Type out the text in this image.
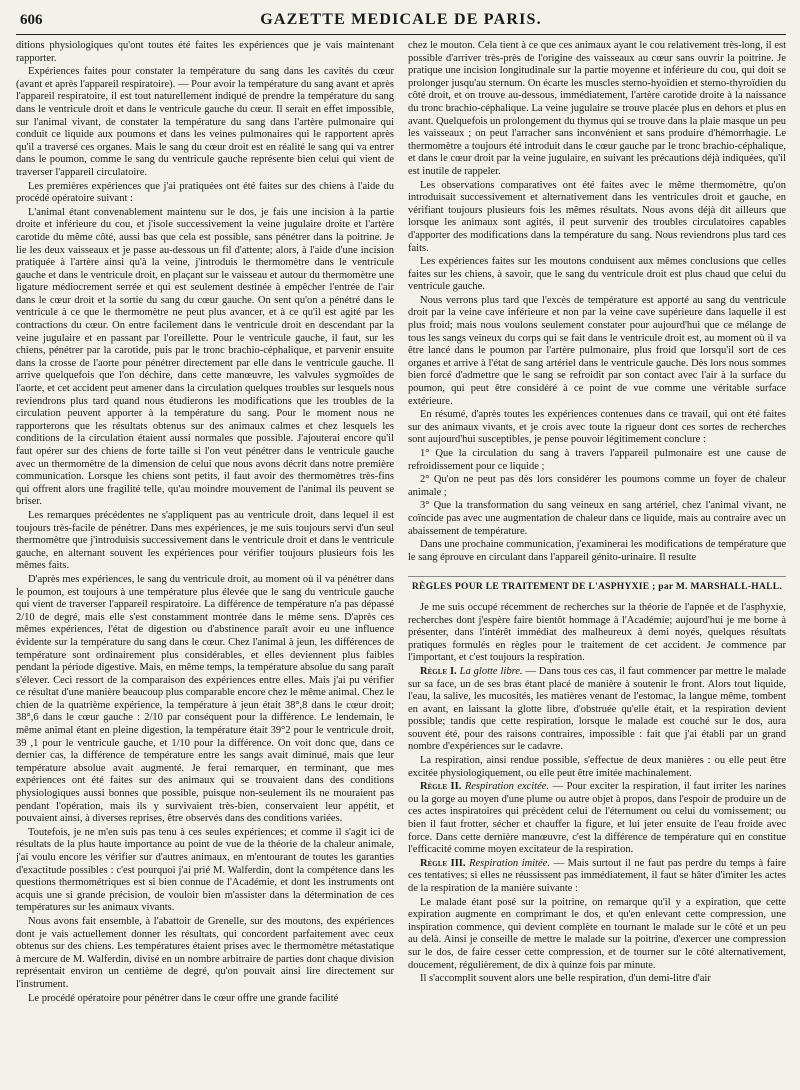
606	GAZETTE MEDICALE DE PARIS.

ditions physiologiques qu'ont toutes été faites les expériences que je vais maintenant rapporter.

Expériences faites pour constater la température du sang dans les cavités du cœur (avant et après l'appareil respiratoire). — Pour avoir la température du sang avant et après l'appareil respiratoire, il est tout naturellement indiqué de prendre la température du sang dans le ventricule droit et dans le ventricule gauche du cœur. Il serait en effet impossible, sur l'animal vivant, de constater la température du sang dans l'artère pulmonaire qui conduit ce liquide aux poumons et dans les veines pulmonaires qui le rapportent après qu'il a traversé ces organes. Mais le sang du cœur droit est en réalité le sang qui va entrer dans le poumon, comme le sang du ventricule gauche représente bien celui qui vient de traverser l'appareil circulatoire.

Les premières expériences que j'ai pratiquées ont été faites sur des chiens à l'aide du procédé opératoire suivant :

L'animal étant convenablement maintenu sur le dos, je fais une incision à la partie droite et inférieure du cou, et j'isole successivement la veine jugulaire droite et l'artère carotide du même côté, aussi bas que cela est possible, sans pénétrer dans la poitrine. Je lie les deux vaisseaux et je passe au-dessous un fil d'attente; alors, à l'aide d'une incision pratiquée à l'artère ainsi qu'à la veine, j'introduis le thermomètre dans le ventricule gauche et dans le ventricule droit, en plaçant sur le vaisseau et autour du thermomètre une ligature médiocrement serrée et qui est seulement destinée à empêcher l'entrée de l'air dans le cœur droit et la sortie du sang du cœur gauche. On sent qu'on a pénétré dans le ventricule à ce que le thermomètre ne peut plus avancer, et à ce qu'il est agité par les contractions du cœur. On entre facilement dans le ventricule droit en descendant par la veine jugulaire et en passant par l'oreillette. Pour le ventricule gauche, il faut, sur les chiens, pénétrer par la carotide, puis par le tronc brachio-céphalique, et parvenir ensuite dans la crosse de l'aorte pour pénétrer directement par elle dans le ventricule gauche. Il arrive quelquefois que l'on déchire, dans cette manœuvre, les valvules sygmoïdes de l'aorte, et cet accident peut amener dans la circulation quelques troubles sur lesquels nous reviendrons plus tard quand nous étudierons les modifications que les troubles de la circulation peuvent apporter à la température du sang. Pour le moment nous ne rapporterons que les résultats obtenus sur des animaux calmes et chez lesquels les conditions de la circulation étaient aussi normales que possible. J'ajouterai encore qu'il faut opérer sur des chiens de forte taille si l'on veut pénétrer dans le ventricule gauche avec un thermomètre de la dimension de celui que nous avons décrit dans notre première communication. Lorsque les chiens sont petits, il faut avoir des thermomètres très-fins qui offrent alors une fragilité telle, qu'au moindre mouvement de l'animal ils peuvent se briser.

Les remarques précédentes ne s'appliquent pas au ventricule droit, dans lequel il est toujours très-facile de pénétrer. Dans mes expériences, je me suis toujours servi d'un seul thermomètre que j'introduisis successivement dans le ventricule droit et dans le ventricule gauche, en alternant souvent les expériences pour vérifier toujours plusieurs fois les mêmes faits.

D'après mes expériences, le sang du ventricule droit, au moment où il va pénétrer dans le poumon, est toujours à une température plus élevée que le sang du ventricule gauche qui vient de traverser l'appareil respiratoire. La différence de température n'a pas dépassé 2/10 de degré, mais elle s'est constamment montrée dans le même sens. D'après ces mêmes expériences, l'état de digestion ou d'abstinence paraît avoir eu une influence évidente sur la température du sang dans le cœur. Chez l'animal à jeun, les différences de température sont ordinairement plus considérables, et elles deviennent plus faibles pendant la période digestive. Mais, en même temps, la température absolue du sang paraît s'élever. Ceci ressort de la comparaison des expériences entre elles. Mais j'ai pu vérifier ce résultat d'une manière beaucoup plus comparable encore chez le même animal. Chez le chien de la quatrième expérience, la température à jeun était 38°,8 dans le cœur droit; 38°,6 dans le cœur gauche : 2/10 par conséquent pour la différence. Le lendemain, le même animal étant en pleine digestion, la température était 39°2 pour le ventricule droit, 39 ,1 pour le ventricule gauche, et 1/10 pour la différence. On voit donc que, dans ce dernier cas, la différence de température entre les sangs avait diminué, mais que leur température absolue avait augmenté. Je ferai remarquer, en terminant, que mes expériences ont été faites sur des animaux qui se trouvaient dans des conditions physiologiques aussi bonnes que possible, puisque non-seulement ils ne mouraient pas pendant l'opération, mais ils y survivaient très-bien, conservaient leur appétit, et pouvaient ainsi, à diverses reprises, être observés dans des conditions variées.

Toutefois, je ne m'en suis pas tenu à ces seules expériences; et comme il s'agit ici de résultats de la plus haute importance au point de vue de la théorie de la chaleur animale, j'ai voulu encore les vérifier sur d'autres animaux, en m'entourant de toutes les garanties d'exactitude possibles : c'est pourquoi j'ai prié M. Walferdin, dont la compétence dans les questions thermométriques est si bien connue de l'Académie, et dont les instruments ont acquis une si grande précision, de vouloir bien m'assister dans la détermination de ces températures sur les animaux vivants.

Nous avons fait ensemble, à l'abattoir de Grenelle, sur des moutons, des expériences dont je vais actuellement donner les résultats, qui concordent parfaitement avec ceux obtenus sur des chiens. Les températures étaient prises avec le thermomètre métastatique à mercure de M. Walferdin, divisé en un nombre arbitraire de parties dont chaque division représentait environ un centième de degré, qu'on pouvait ainsi lire directement sur l'instrument.

Le procédé opératoire pour pénétrer dans le cœur offre une grande facilité

chez le mouton. Cela tient à ce que ces animaux ayant le cou relativement très-long, il est possible d'arriver très-près de l'origine des vaisseaux au cœur sans ouvrir la poitrine. Je pratique une incision longitudinale sur la partie moyenne et inférieure du cou, qui doit se prolonger jusqu'au sternum. On écarte les muscles sterno-hyoïdien et sterno-thyroïdien du côté droit, et on trouve au-dessous, immédiatement, l'artère carotide droite à la naissance du tronc brachio-céphalique. La veine jugulaire se trouve placée plus en dehors et plus en avant. Quelquefois un prolongement du thymus qui se trouve dans la plaie masque un peu les vaisseaux ; on peut l'arracher sans inconvénient et sans produire d'hémorrhagie. Le thermomètre a toujours été introduit dans le cœur gauche par le tronc brachio-céphalique, et dans le cœur droit par la veine jugulaire, en suivant les précautions déjà indiquées, qu'il est inutile de rappeler.

Les observations comparatives ont été faites avec le même thermomètre, qu'on introduisait successivement et alternativement dans les ventricules droit et gauche, en vérifiant toujours plusieurs fois les mêmes résultats. Nous avons déjà dit ailleurs que lorsque les animaux sont agités, il peut survenir des troubles circulatoires capables d'apporter des modifications dans la température du sang. Nous reviendrons plus tard ces faits.

Les expériences faites sur les moutons conduisent aux mêmes conclusions que celles faites sur les chiens, à savoir, que le sang du ventricule droit est plus chaud que celui du ventricule gauche.

Nous verrons plus tard que l'excès de température est apporté au sang du ventricule droit par la veine cave inférieure et non par la veine cave supérieure dans laquelle il est plus froid; mais nous voulons seulement constater pour aujourd'hui que ce mélange de tous les sangs veineux du corps qui se fait dans le ventricule droit est, au moment où il va être lancé dans le poumon par l'artère pulmonaire, plus froid que lorsqu'il sort de ces organes et arrive à l'état de sang artériel dans le ventricule gauche. Dès lors nous sommes bien forcé d'admettre que le sang se refroidit par son contact avec l'air à la surface du poumon, qui peut être considéré à ce point de vue comme une véritable surface extérieure.

En résumé, d'après toutes les expériences contenues dans ce travail, qui ont été faites sur des animaux vivants, et je crois avec toute la rigueur dont ces sortes de recherches sont aujourd'hui susceptibles, je pense pouvoir légitimement conclure :

1° Que la circulation du sang à travers l'appareil pulmonaire est une cause de refroidissement pour ce liquide ;

2° Qu'on ne peut pas dès lors considérer les poumons comme un foyer de chaleur animale ;

3° Que la transformation du sang veineux en sang artériel, chez l'animal vivant, ne coïncide pas avec une augmentation de chaleur dans ce liquide, mais au contraire avec un abaissement de température.

Dans une prochaine communication, j'examinerai les modifications de température que le sang éprouve en circulant dans l'appareil génito-urinaire. Il resulte

RÈGLES POUR LE TRAITEMENT DE L'ASPHYXIE ; par M. MARSHALL-HALL.

Je me suis occupé récemment de recherches sur la théorie de l'apnée et de l'asphyxie, recherches dont j'espère faire bientôt hommage à l'Académie; aujourd'hui je me borne à présenter, dans l'intérêt immédiat des malheureux à demi noyés, quelques résultats pratiques formulés en règles pour le traitement de cet accident. Je commence par l'important, et c'est toujours la respiration.

Règle I. La glotte libre. — Dans tous ces cas, il faut commencer par mettre le malade sur sa face, un de ses bras étant placé de manière à soutenir le front. Alors tout liquide, l'eau, la salive, les mucosités, les matières venant de l'estomac, la langue même, tombent en avant, en laissant la glotte libre, d'obstruée qu'elle était, et la respiration devient possible; tandis que cette respiration, lorsque le malade est couché sur le dos, aura souvent été, pour des raisons contraires, impossible : fait que j'ai établi par un grand nombre d'expériences sur le cadavre.

La respiration, ainsi rendue possible, s'effectue de deux manières : ou elle peut être excitée physiologiquement, ou elle peut être imitée machinalement.

Règle II. Respiration excitée. — Pour exciter la respiration, il faut irriter les narines ou la gorge au moyen d'une plume ou autre objet à propos, dans l'espoir de produire un de ces actes inspiratoires qui précèdent celui de l'éternument ou celui du vomissement; ou bien il faut frotter, sécher et chauffer la figure, et lui jeter ensuite de l'eau froide avec force. Dans cette dernière manœuvre, c'est la différence de température qui en constitue l'efficacité comme moyen excitateur de la respiration.

Règle III. Respiration imitée. — Mais surtout il ne faut pas perdre du temps à faire ces tentatives; si elles ne réussissent pas immédiatement, il faut se hâter d'imiter les actes de la respiration de la manière suivante :

Le malade étant posé sur la poitrine, on remarque qu'il y a expiration, que cette expiration augmente en comprimant le dos, et qu'en enlevant cette compression, une inspiration commence, qui devient complète en tournant le malade sur le côté et un peu au delà. Ainsi je conseille de mettre le malade sur la poitrine, d'exercer une compression sur le dos, de faire cesser cette compression, et de tourner sur le côté alternativement, doucement, régulièrement, de dix à quinze fois par minute.

Il s'accomplit souvent alors une belle respiration, d'un demi-litre d'air
